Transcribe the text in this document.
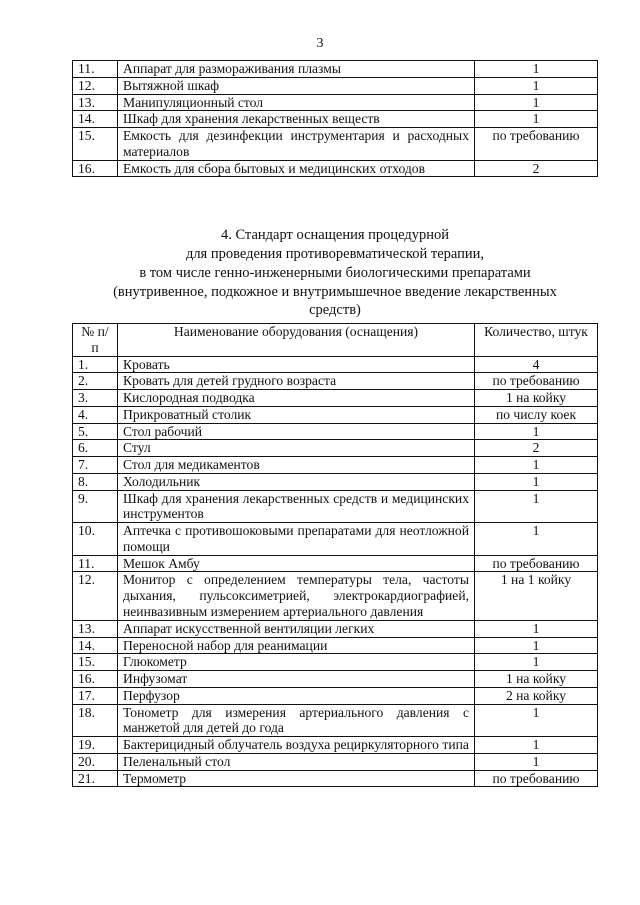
3
11.	Аппарат для размораживания плазмы	1
12.	Вытяжной шкаф	1
13.	Манипуляционный стол	1
14.	Шкаф для хранения лекарственных веществ	1
15.	Емкость для дезинфекции инструментария и расходных материалов	по требованию
16.	Емкость для сбора бытовых и медицинских отходов	2
4. Стандарт оснащения процедурной
для проведения противоревматической терапии,
в том числе генно-инженерными биологическими препаратами
(внутривенное, подкожное и внутримышечное введение лекарственных
средств)
№ п/п	Наименование оборудования (оснащения)	Количество, штук
1.	Кровать	4
2.	Кровать для детей грудного возраста	по требованию
3.	Кислородная подводка	1 на койку
4.	Прикроватный столик	по числу коек
5.	Стол рабочий	1
6.	Стул	2
7.	Стол для медикаментов	1
8.	Холодильник	1
9.	Шкаф для хранения лекарственных средств и медицинских инструментов	1
10.	Аптечка с противошоковыми препаратами для неотложной помощи	1
11.	Мешок Амбу	по требованию
12.	Монитор с определением температуры тела, частоты дыхания, пульсоксиметрией, электрокардиографией, неинвазивным измерением артериального давления	1 на 1 койку
13.	Аппарат искусственной вентиляции легких	1
14.	Переносной набор для реанимации	1
15.	Глюкометр	1
16.	Инфузомат	1 на койку
17.	Перфузор	2 на койку
18.	Тонометр для измерения артериального давления с манжетой для детей до года	1
19.	Бактерицидный облучатель воздуха рециркуляторного типа	1
20.	Пеленальный стол	1
21.	Термометр	по требованию
